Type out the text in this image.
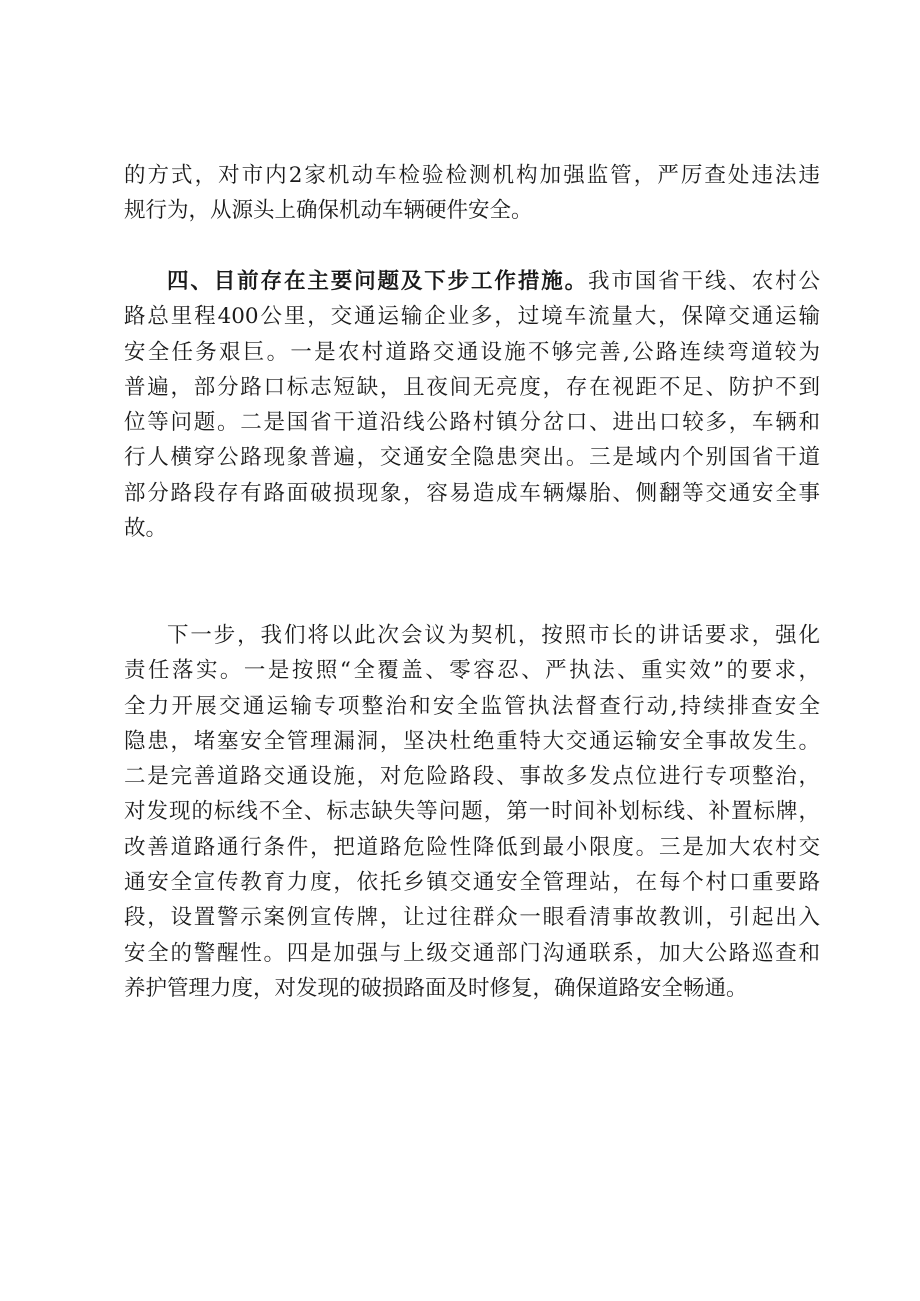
的方式，对市内2家机动车检验检测机构加强监管，严厉查处违法违
规行为，从源头上确保机动车辆硬件安全。
四、目前存在主要问题及下步工作措施。我市国省干线、农村公
路总里程400公里，交通运输企业多，过境车流量大，保障交通运输
安全任务艰巨。一是农村道路交通设施不够完善,公路连续弯道较为
普遍，部分路口标志短缺，且夜间无亮度，存在视距不足、防护不到
位等问题。二是国省干道沿线公路村镇分岔口、进出口较多，车辆和
行人横穿公路现象普遍，交通安全隐患突出。三是域内个别国省干道
部分路段存有路面破损现象，容易造成车辆爆胎、侧翻等交通安全事
故。
下一步，我们将以此次会议为契机，按照市长的讲话要求，强化
责任落实。一是按照“全覆盖、零容忍、严执法、重实效”的要求，
全力开展交通运输专项整治和安全监管执法督查行动,持续排查安全
隐患，堵塞安全管理漏洞，坚决杜绝重特大交通运输安全事故发生。
二是完善道路交通设施，对危险路段、事故多发点位进行专项整治，
对发现的标线不全、标志缺失等问题，第一时间补划标线、补置标牌，
改善道路通行条件，把道路危险性降低到最小限度。三是加大农村交
通安全宣传教育力度，依托乡镇交通安全管理站，在每个村口重要路
段，设置警示案例宣传牌，让过往群众一眼看清事故教训，引起出入
安全的警醒性。四是加强与上级交通部门沟通联系，加大公路巡查和
养护管理力度，对发现的破损路面及时修复，确保道路安全畅通。
